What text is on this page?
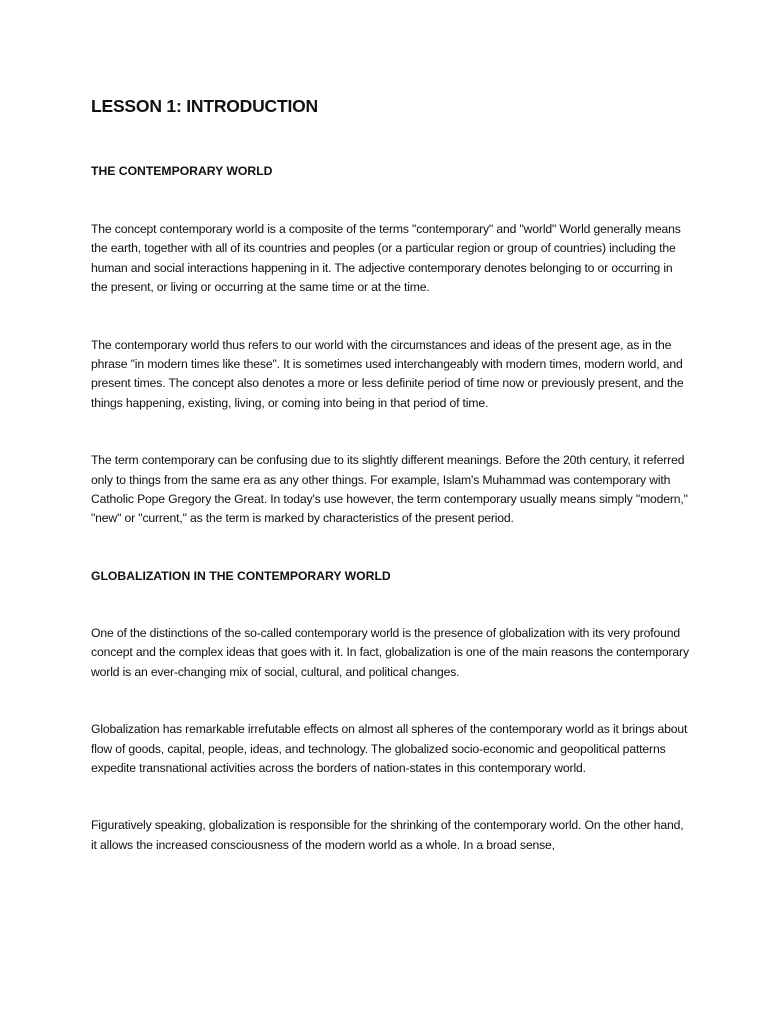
LESSON 1: INTRODUCTION
THE CONTEMPORARY WORLD

The concept contemporary world is a composite of the terms "contemporary" and "world" World generally means the earth, together with all of its countries and peoples (or a particular region or group of countries) including the human and social interactions happening in it. The adjective contemporary denotes belonging to or occurring in the present, or living or occurring at the same time or at the time.

The contemporary world thus refers to our world with the circumstances and ideas of the present age, as in the phrase "in modern times like these". It is sometimes used interchangeably with modern times, modern world, and present times. The concept also denotes a more or less definite period of time now or previously present, and the things happening, existing, living, or coming into being in that period of time.

The term contemporary can be confusing due to its slightly different meanings. Before the 20th century, it referred only to things from the same era as any other things. For example, Islam's Muhammad was contemporary with Catholic Pope Gregory the Great. In today's use however, the term contemporary usually means simply "modern," "new" or "current," as the term is marked by characteristics of the present period.

GLOBALIZATION IN THE CONTEMPORARY WORLD

One of the distinctions of the so-called contemporary world is the presence of globalization with its very profound concept and the complex ideas that goes with it. In fact, globalization is one of the main reasons the contemporary world is an ever-changing mix of social, cultural, and political changes.

Globalization has remarkable irrefutable effects on almost all spheres of the contemporary world as it brings about flow of goods, capital, people, ideas, and technology. The globalized socio-economic and geopolitical patterns expedite transnational activities across the borders of nation-states in this contemporary world.

Figuratively speaking, globalization is responsible for the shrinking of the contemporary world. On the other hand, it allows the increased consciousness of the modern world as a whole. In a broad sense,
